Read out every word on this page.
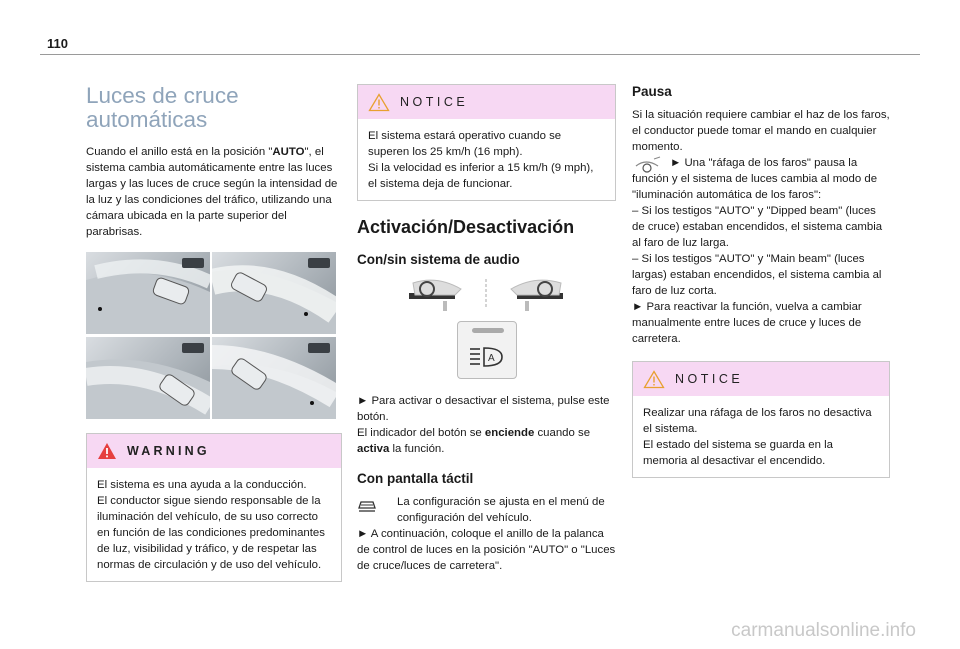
110
Luces de cruce
automáticas

Cuando el anillo está en la posición "AUTO", el sistema cambia automáticamente entre las luces largas y las luces de cruce según la intensidad de la luz y las condiciones del tráfico, utilizando una cámara ubicada en la parte superior del parabrisas.

WARNING

El sistema es una ayuda a la conducción.
El conductor sigue siendo responsable de la iluminación del vehículo, de su uso correcto en función de las condiciones predominantes de luz, visibilidad y tráfico, y de respetar las normas de circulación y de uso del vehículo.

NOTICE

El sistema estará operativo cuando se superen los 25 km/h (16 mph).
Si la velocidad es inferior a 15 km/h (9 mph), el sistema deja de funcionar.

Activación/Desactivación
Con/sin sistema de audio
A

► Para activar o desactivar el sistema, pulse este botón.

El indicador del botón se enciende cuando se activa la función.

Con pantalla táctil

La configuración se ajusta en el menú de configuración del vehículo.

► A continuación, coloque el anillo de la palanca de control de luces en la posición "AUTO" o "Luces de cruce/luces de carretera".

Pausa

Si la situación requiere cambiar el haz de los faros, el conductor puede tomar el mando en cualquier momento.

► Una "ráfaga de los faros" pausa la función y el sistema de luces cambia al modo de "iluminación automática de los faros":

– Si los testigos "AUTO" y "Dipped beam" (luces de cruce) estaban encendidos, el sistema cambia al faro de luz larga.

– Si los testigos "AUTO" y "Main beam" (luces largas) estaban encendidos, el sistema cambia al faro de luz corta.

► Para reactivar la función, vuelva a cambiar manualmente entre luces de cruce y luces de carretera.

NOTICE

Realizar una ráfaga de los faros no desactiva el sistema.
El estado del sistema se guarda en la memoria al desactivar el encendido.

carmanualsonline.info
